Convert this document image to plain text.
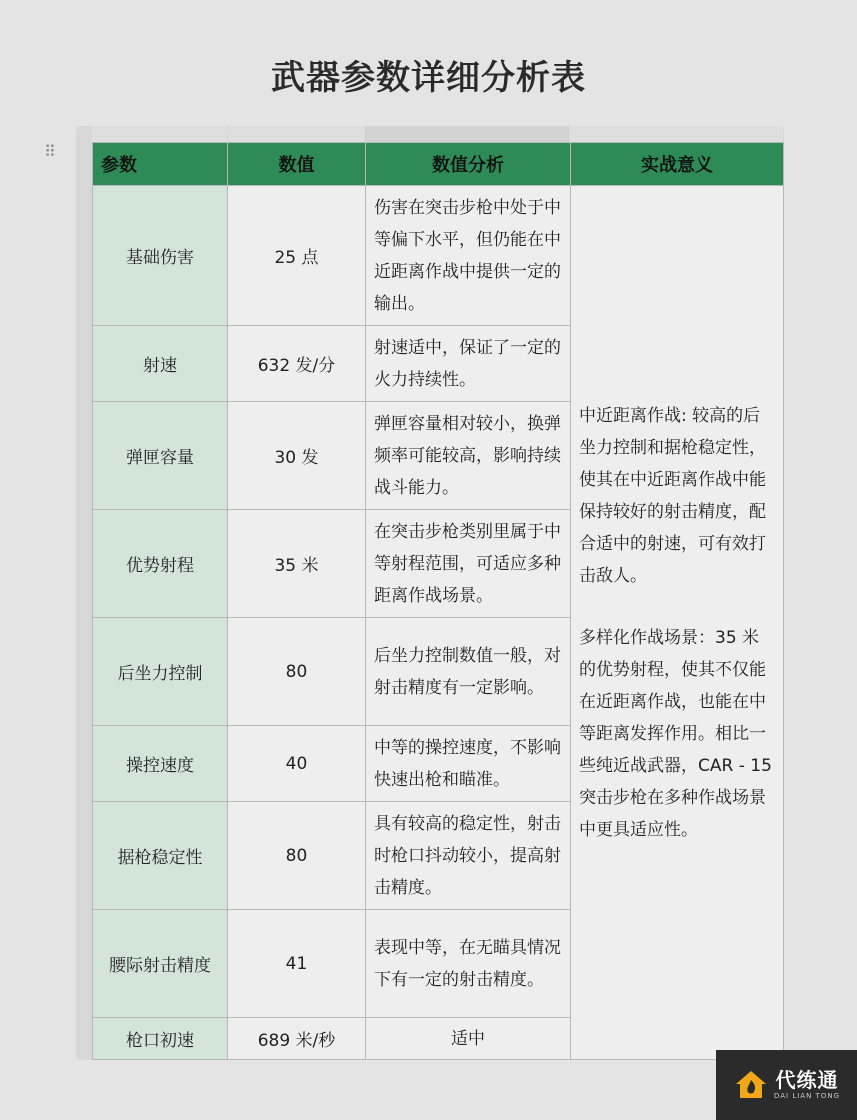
武器参数详细分析表
⠿
参数	数值	数值分析	实战意义
基础伤害	25 点	伤害在突击步枪中处于中等偏下水平，但仍能在中近距离作战中提供一定的输出。	中近距离作战: 较高的后坐力控制和据枪稳定性，使其在中近距离作战中能保持较好的射击精度，配合适中的射速，可有效打击敌人。
多样化作战场景：35 米的优势射程，使其不仅能在近距离作战，也能在中等距离发挥作用。相比一些纯近战武器，CAR - 15 突击步枪在多种作战场景中更具适应性。

射速	632 发/分	射速适中，保证了一定的火力持续性。	
弹匣容量	30 发	弹匣容量相对较小，换弹频率可能较高，影响持续战斗能力。	
优势射程	35 米	在突击步枪类别里属于中等射程范围，可适应多种距离作战场景。	
后坐力控制	80	后坐力控制数值一般，对射击精度有一定影响。	
操控速度	40	中等的操控速度，不影响快速出枪和瞄准。	
据枪稳定性	80	具有较高的稳定性，射击时枪口抖动较小，提高射击精度。	
腰际射击精度	41	表现中等，在无瞄具情况下有一定的射击精度。	
枪口初速	689 米/秒	适中	
代练通
DAI LIAN TONG
